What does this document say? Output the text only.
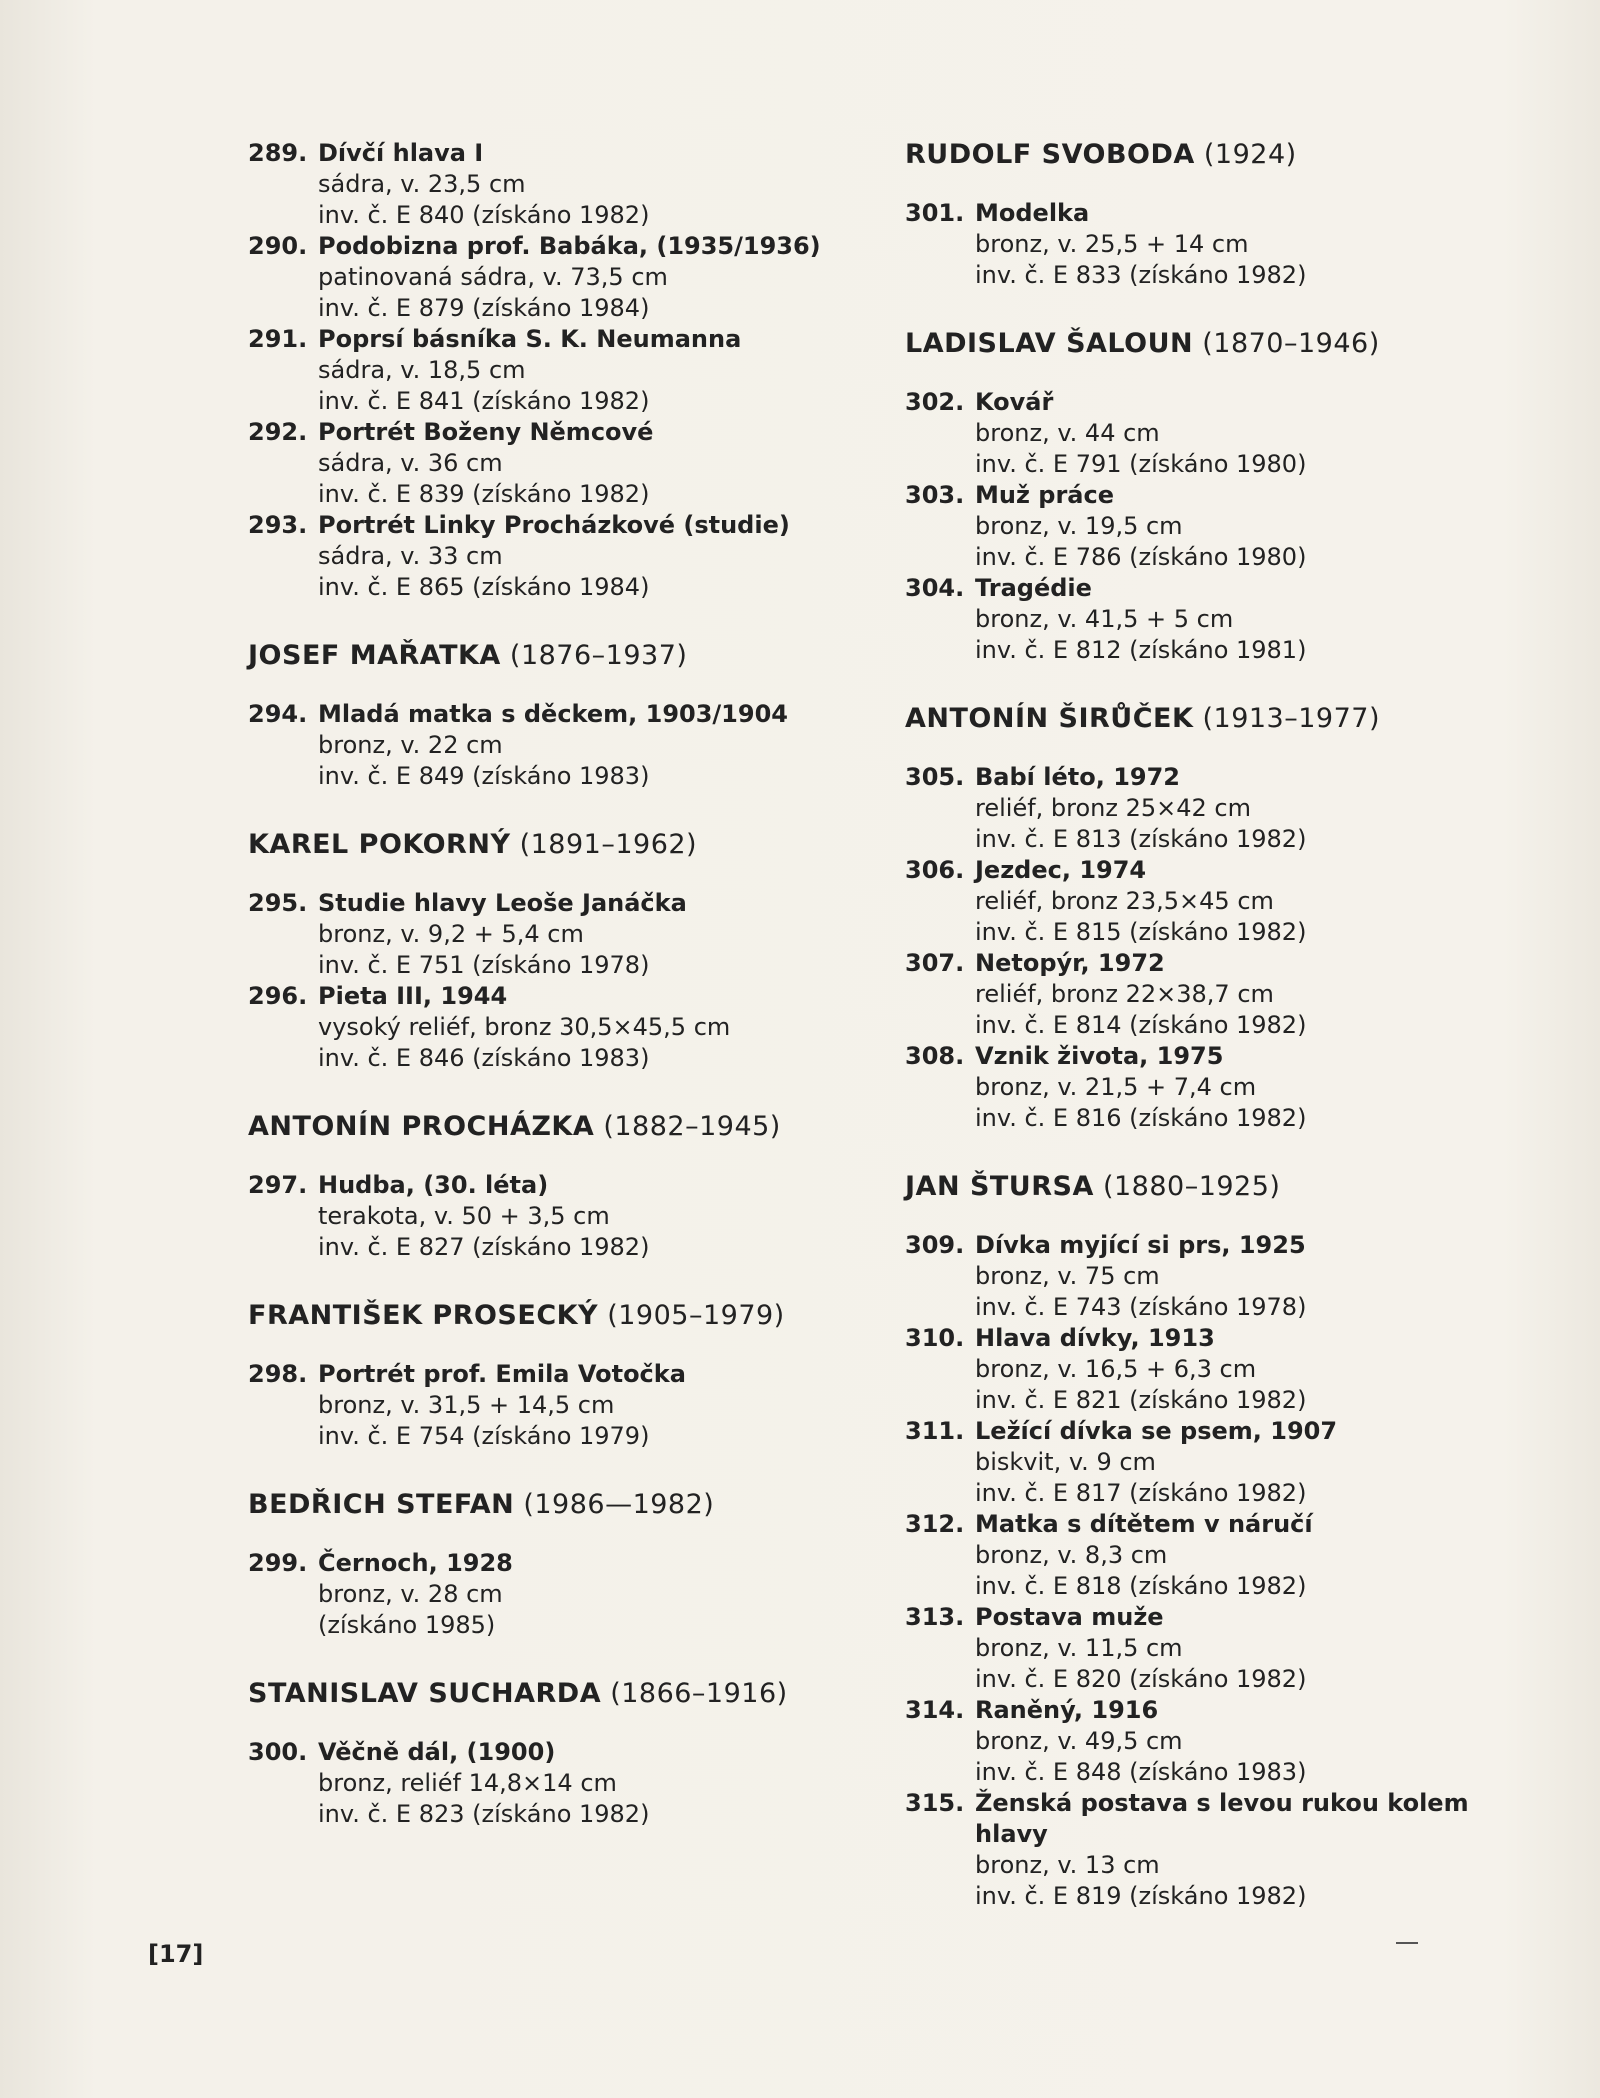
289. Dívčí hlava I
sádra, v. 23,5 cm
inv. č. E 840 (získáno 1982)
290. Podobizna prof. Babáka, (1935/1936)
patinovaná sádra, v. 73,5 cm
inv. č. E 879 (získáno 1984)
291. Poprsí básníka S. K. Neumanna
sádra, v. 18,5 cm
inv. č. E 841 (získáno 1982)
292. Portrét Boženy Němcové
sádra, v. 36 cm
inv. č. E 839 (získáno 1982)
293. Portrét Linky Procházkové (studie)
sádra, v. 33 cm
inv. č. E 865 (získáno 1984)
JOSEF MAŘATKA (1876–1937)
294. Mladá matka s děckem, 1903/1904
bronz, v. 22 cm
inv. č. E 849 (získáno 1983)
KAREL POKORNÝ (1891–1962)
295. Studie hlavy Leoše Janáčka
bronz, v. 9,2 + 5,4 cm
inv. č. E 751 (získáno 1978)
296. Pieta III, 1944
vysoký reliéf, bronz 30,5×45,5 cm
inv. č. E 846 (získáno 1983)
ANTONÍN PROCHÁZKA (1882–1945)
297. Hudba, (30. léta)
terakota, v. 50 + 3,5 cm
inv. č. E 827 (získáno 1982)
FRANTIŠEK PROSECKÝ (1905–1979)
298. Portrét prof. Emila Votočka
bronz, v. 31,5 + 14,5 cm
inv. č. E 754 (získáno 1979)
BEDŘICH STEFAN (1986—1982)
299. Černoch, 1928
bronz, v. 28 cm
(získáno 1985)
STANISLAV SUCHARDA (1866–1916)
300. Věčně dál, (1900)
bronz, reliéf 14,8×14 cm
inv. č. E 823 (získáno 1982)
RUDOLF SVOBODA (1924)
301. Modelka
bronz, v. 25,5 + 14 cm
inv. č. E 833 (získáno 1982)
LADISLAV ŠALOUN (1870–1946)
302. Kovář
bronz, v. 44 cm
inv. č. E 791 (získáno 1980)
303. Muž práce
bronz, v. 19,5 cm
inv. č. E 786 (získáno 1980)
304. Tragédie
bronz, v. 41,5 + 5 cm
inv. č. E 812 (získáno 1981)
ANTONÍN ŠIRŮČEK (1913–1977)
305. Babí léto, 1972
reliéf, bronz 25×42 cm
inv. č. E 813 (získáno 1982)
306. Jezdec, 1974
reliéf, bronz 23,5×45 cm
inv. č. E 815 (získáno 1982)
307. Netopýr, 1972
reliéf, bronz 22×38,7 cm
inv. č. E 814 (získáno 1982)
308. Vznik života, 1975
bronz, v. 21,5 + 7,4 cm
inv. č. E 816 (získáno 1982)
JAN ŠTURSA (1880–1925)
309. Dívka myjící si prs, 1925
bronz, v. 75 cm
inv. č. E 743 (získáno 1978)
310. Hlava dívky, 1913
bronz, v. 16,5 + 6,3 cm
inv. č. E 821 (získáno 1982)
311. Ležící dívka se psem, 1907
biskvit, v. 9 cm
inv. č. E 817 (získáno 1982)
312. Matka s dítětem v náručí
bronz, v. 8,3 cm
inv. č. E 818 (získáno 1982)
313. Postava muže
bronz, v. 11,5 cm
inv. č. E 820 (získáno 1982)
314. Raněný, 1916
bronz, v. 49,5 cm
inv. č. E 848 (získáno 1983)
315. Ženská postava s levou rukou kolem hlavy
bronz, v. 13 cm
inv. č. E 819 (získáno 1982)
[17]
